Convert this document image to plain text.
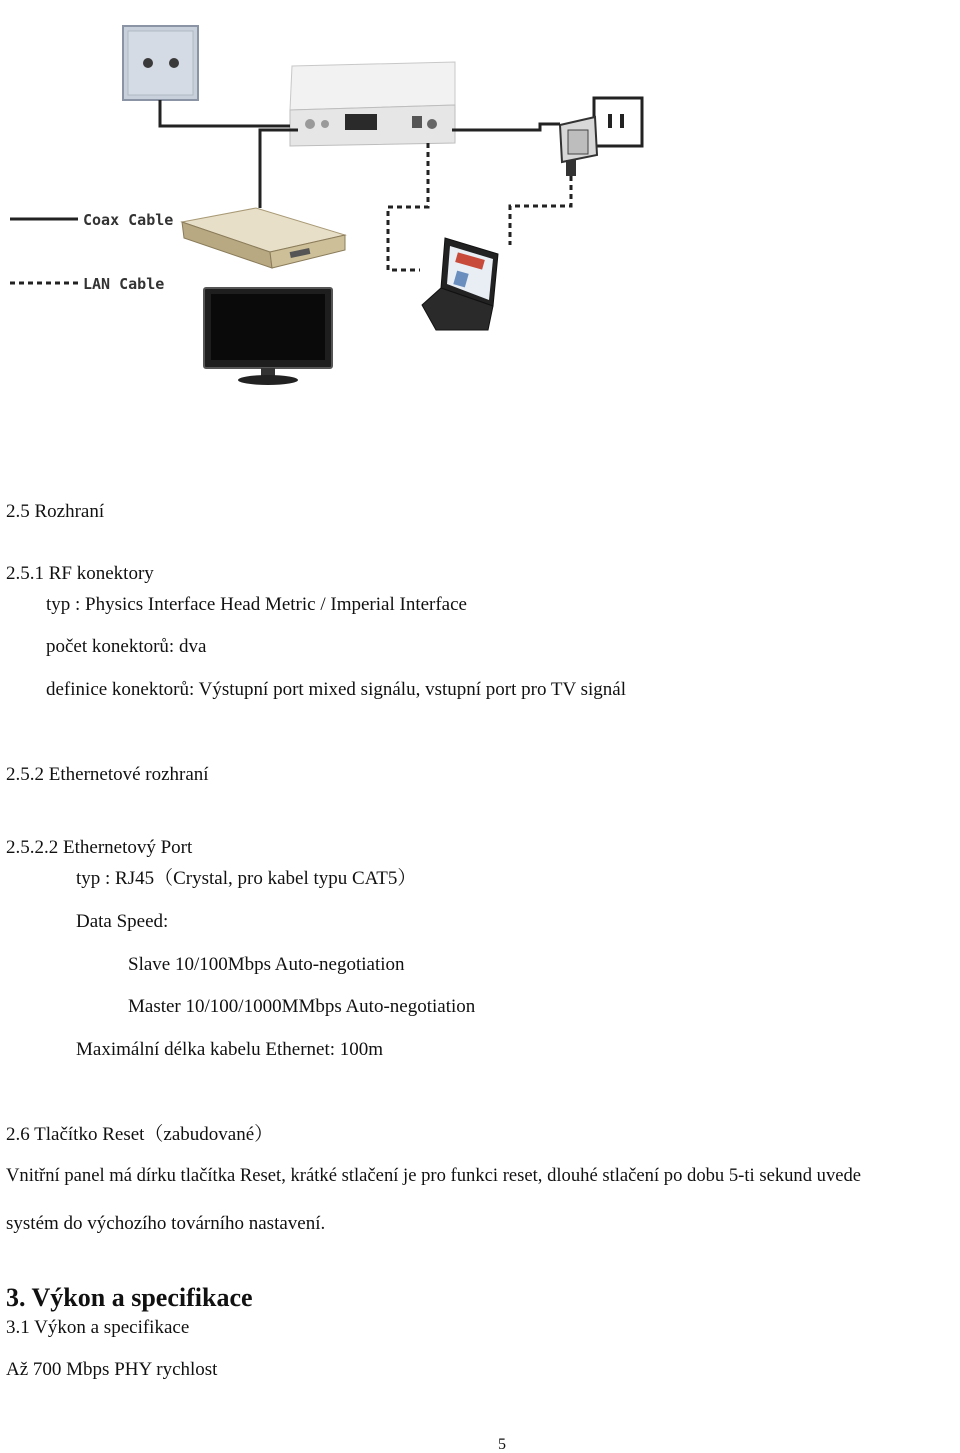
Coax Cable
LAN Cable

2.5 Rozhraní

2.5.1 RF konektory

typ : Physics Interface Head Metric / Imperial Interface

počet konektorů: dva

definice konektorů: Výstupní port mixed signálu, vstupní port pro TV signál

2.5.2 Ethernetové rozhraní

2.5.2.2 Ethernetový Port

typ : RJ45（Crystal, pro kabel typu CAT5）

Data Speed:

Slave 10/100Mbps Auto-negotiation

Master 10/100/1000MMbps Auto-negotiation

Maximální délka kabelu Ethernet: 100m

2.6 Tlačítko Reset（zabudované）

Vnitřní panel má dírku tlačítka Reset, krátké stlačení je pro funkci reset, dlouhé stlačení po dobu 5-ti sekund uvede

systém do výchozího továrního nastavení.

3. Výkon a specifikace

3.1 Výkon a specifikace

Až 700 Mbps PHY rychlost

5
